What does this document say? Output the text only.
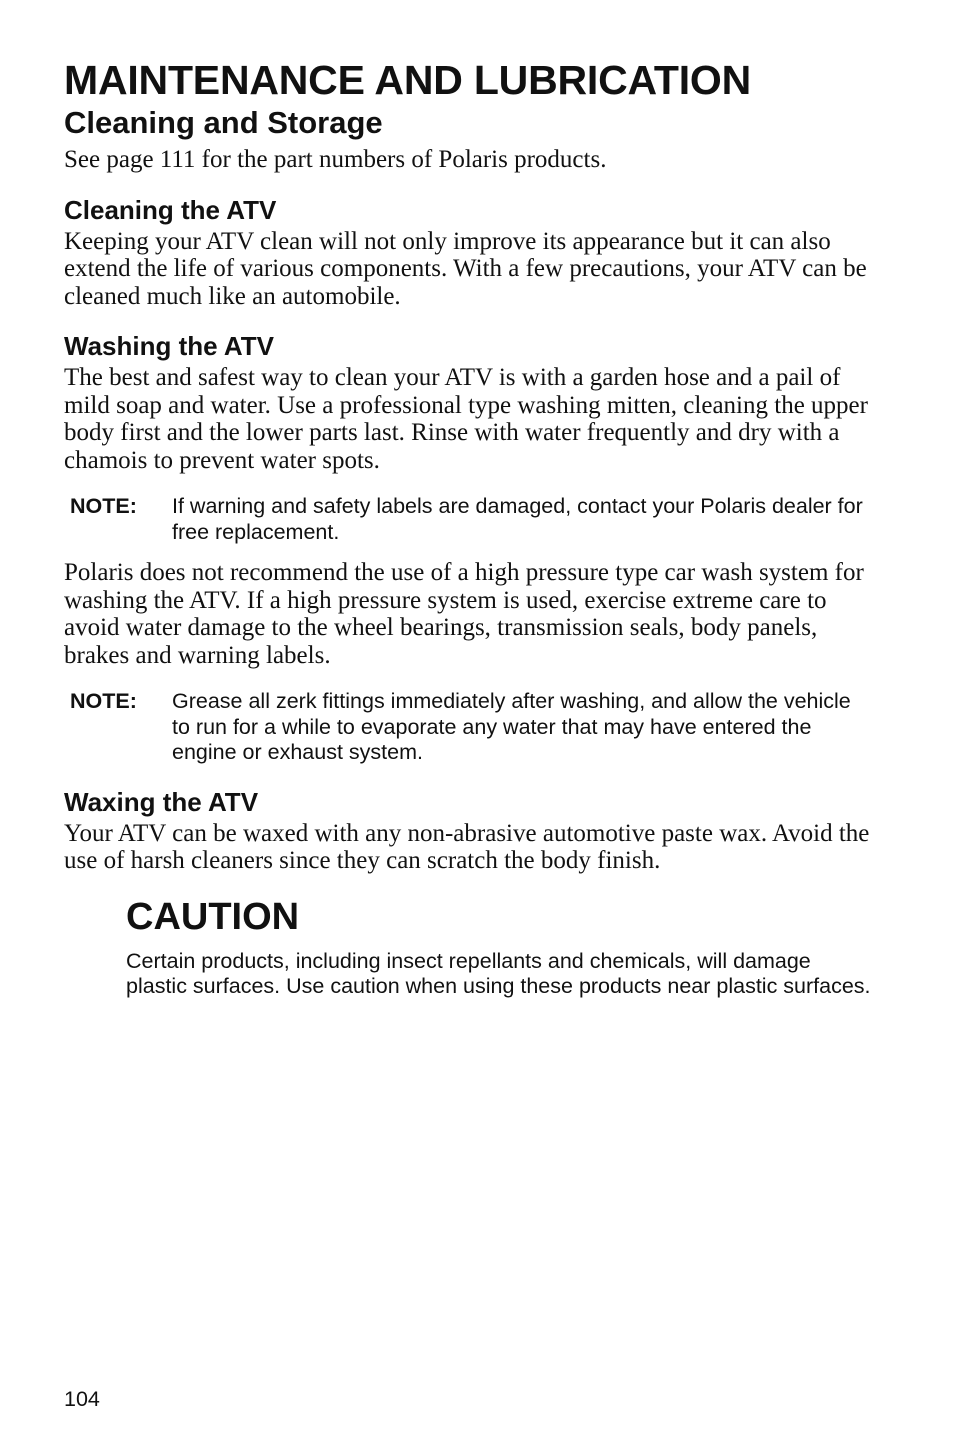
MAINTENANCE AND LUBRICATION
Cleaning and Storage

See page 111 for the part numbers of Polaris products.

Cleaning the ATV

Keeping your ATV clean will not only improve its appearance but it can also extend the life of various components. With a few precautions, your ATV can be cleaned much like an automobile.

Washing the ATV

The best and safest way to clean your ATV is with a garden hose and a pail of mild soap and water. Use a professional type washing mitten, cleaning the upper body first and the lower parts last. Rinse with water frequently and dry with a chamois to prevent water spots.

NOTE:	If warning and safety labels are damaged, contact your Polaris dealer for free replacement.

Polaris does not recommend the use of a high pressure type car wash system for washing the ATV. If a high pressure system is used, exercise extreme care to avoid water damage to the wheel bearings, transmission seals, body panels, brakes and warning labels.

NOTE:	Grease all zerk fittings immediately after washing, and allow the vehicle to run for a while to evaporate any water that may have entered the engine or exhaust system.
Waxing the ATV

Your ATV can be waxed with any non-abrasive automotive paste wax. Avoid the use of harsh cleaners since they can scratch the body finish.

CAUTION

Certain products, including insect repellants and chemicals, will damage plastic surfaces. Use caution when using these products near plastic surfaces.

104
